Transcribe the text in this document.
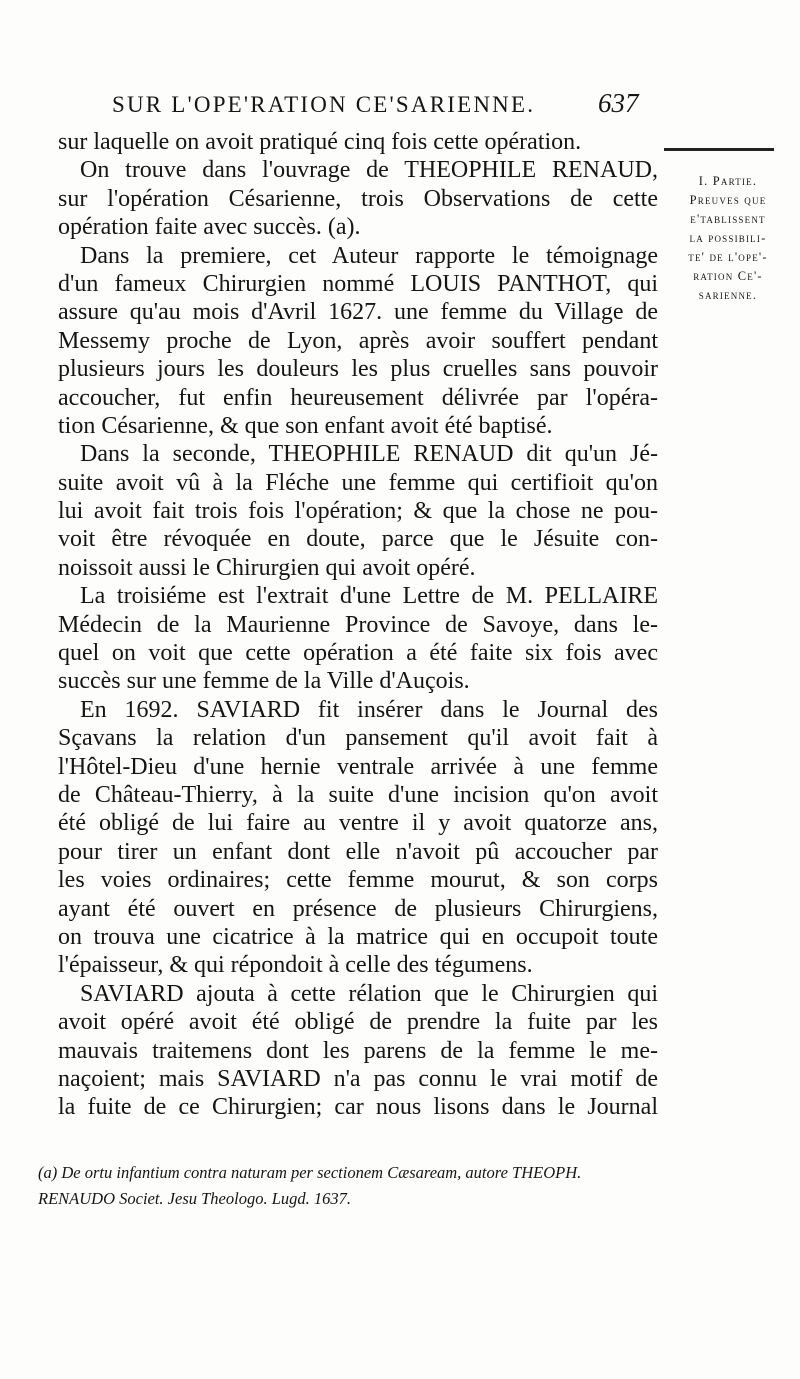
SUR L'OPE'RATION CE'SARIENNE.	637
I. Partie.
Preuves que
e'tablissent
la possibili-
te' de l'ope'-
ration Ce'-
sarienne.
sur laquelle on avoit pratiqué cinq fois cette opération.
On trouve dans l'ouvrage de THEOPHILE RENAUD,
sur l'opération Césarienne, trois Observations de cette
opération faite avec succès. (a).
Dans la premiere, cet Auteur rapporte le témoignage
d'un fameux Chirurgien nommé LOUIS PANTHOT, qui
assure qu'au mois d'Avril 1627. une femme du Village de
Messemy proche de Lyon, après avoir souffert pendant
plusieurs jours les douleurs les plus cruelles sans pouvoir
accoucher, fut enfin heureusement délivrée par l'opéra-
tion Césarienne, & que son enfant avoit été baptisé.
Dans la seconde, THEOPHILE RENAUD dit qu'un Jé-
suite avoit vû à la Fléche une femme qui certifioit qu'on
lui avoit fait trois fois l'opération; & que la chose ne pou-
voit être révoquée en doute, parce que le Jésuite con-
noissoit aussi le Chirurgien qui avoit opéré.
La troisiéme est l'extrait d'une Lettre de M. PELLAIRE
Médecin de la Maurienne Province de Savoye, dans le-
quel on voit que cette opération a été faite six fois avec
succès sur une femme de la Ville d'Auçois.
En 1692. SAVIARD fit insérer dans le Journal des
Sçavans la relation d'un pansement qu'il avoit fait à
l'Hôtel-Dieu d'une hernie ventrale arrivée à une femme
de Château-Thierry, à la suite d'une incision qu'on avoit
été obligé de lui faire au ventre il y avoit quatorze ans,
pour tirer un enfant dont elle n'avoit pû accoucher par
les voies ordinaires; cette femme mourut, & son corps
ayant été ouvert en présence de plusieurs Chirurgiens,
on trouva une cicatrice à la matrice qui en occupoit toute
l'épaisseur, & qui répondoit à celle des tégumens.
SAVIARD ajouta à cette rélation que le Chirurgien qui
avoit opéré avoit été obligé de prendre la fuite par les
mauvais traitemens dont les parens de la femme le me-
naçoient; mais SAVIARD n'a pas connu le vrai motif de
la fuite de ce Chirurgien; car nous lisons dans le Journal
(a) De ortu infantium contra naturam per sectionem Cæsaream, autore THEOPH.
RENAUDO Societ. Jesu Theologo. Lugd. 1637.
